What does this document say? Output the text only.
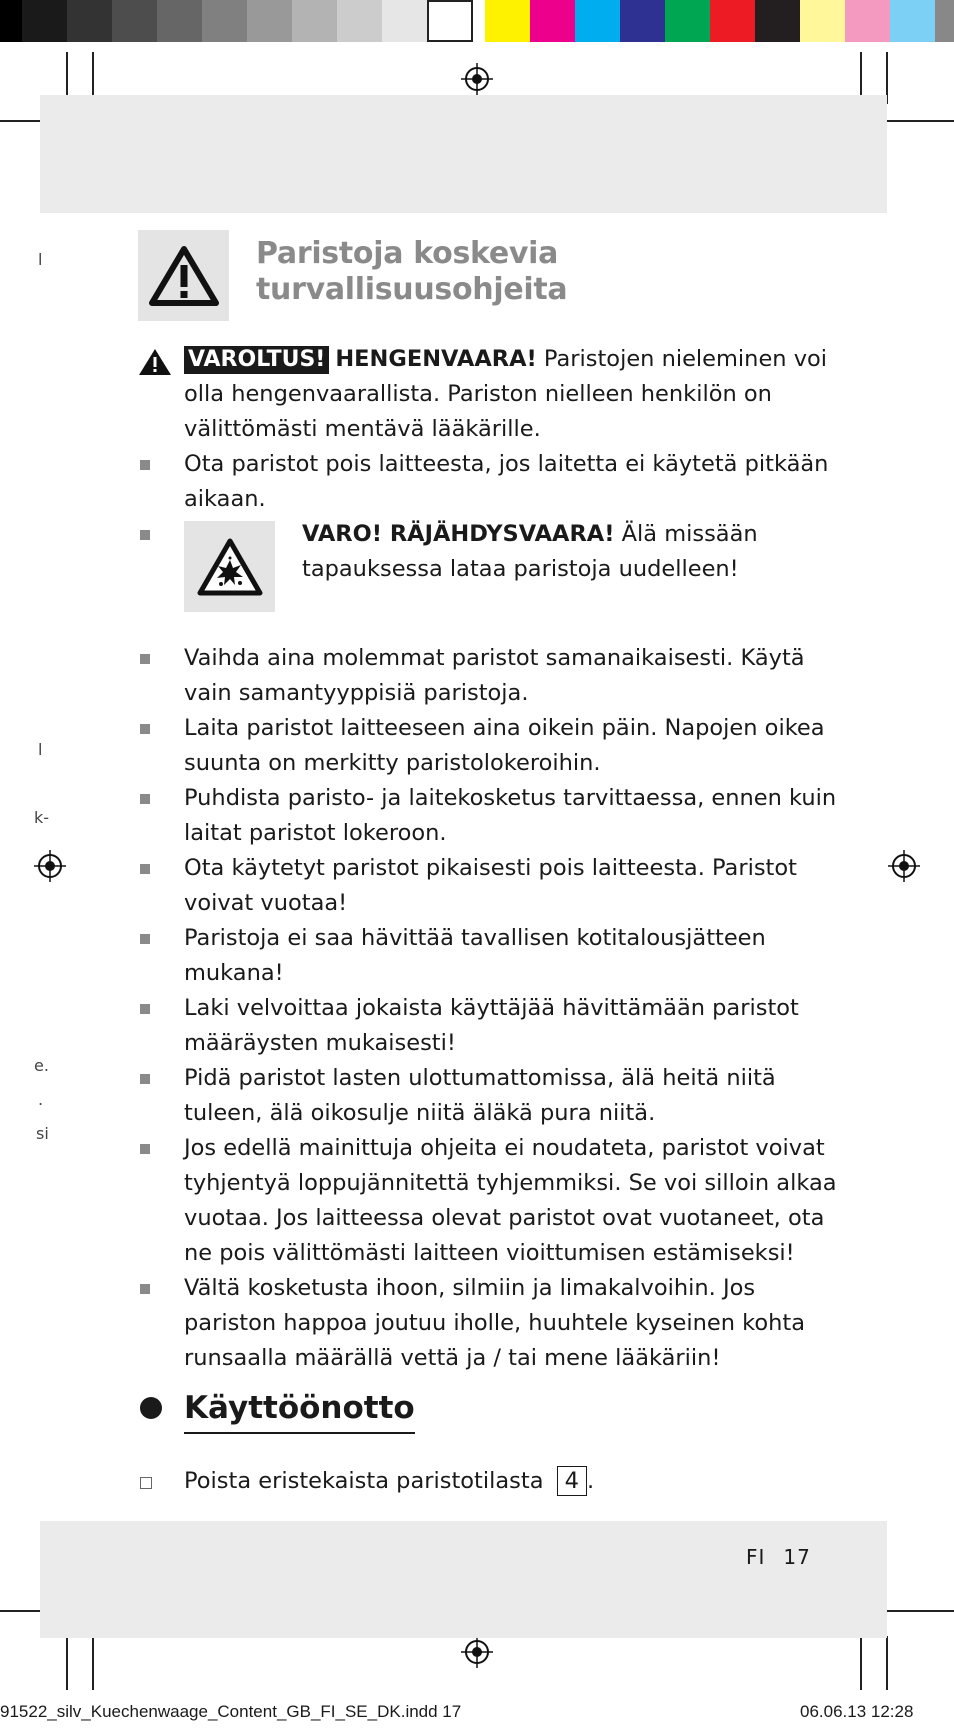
l
l
k-
e.
.
si
Paristoja koskevia
turvallisuusohjeita
VAROLTUS! HENGENVAARA! Paristojen nieleminen voi olla hengenvaarallista. Pariston nielleen henkilön on välittömästi mentävä lääkärille.
Ota paristot pois laitteesta, jos laitetta ei käytetä pitkään aikaan.
VARO! RÄJÄHDYSVAARA! Älä missään tapauksessa lataa paristoja uudelleen!
Vaihda aina molemmat paristot samanaikaisesti. Käytä vain samantyyppisiä paristoja.
Laita paristot laitteeseen aina oikein päin. Napojen oikea suunta on merkitty paristolokeroihin.
Puhdista paristo- ja laitekosketus tarvittaessa, ennen kuin laitat paristot lokeroon.
Ota käytetyt paristot pikaisesti pois laitteesta. Paristot voivat vuotaa!
Paristoja ei saa hävittää tavallisen kotitalousjätteen mukana!
Laki velvoittaa jokaista käyttäjää hävittämään paristot määräysten mukaisesti!
Pidä paristot lasten ulottumattomissa, älä heitä niitä tuleen, älä oikosulje niitä äläkä pura niitä.
Jos edellä mainittuja ohjeita ei noudateta, paristot voivat tyhjentyä loppujännitettä tyhjemmiksi. Se voi silloin alkaa vuotaa. Jos laitteessa olevat paristot ovat vuotaneet, ota ne pois välittömästi laitteen vioittumisen estämiseksi!
Vältä kosketusta ihoon, silmiin ja limakalvoihin. Jos pariston happoa joutuu iholle, huuhtele kyseinen kohta runsaalla määrällä vettä ja / tai mene lääkäriin!
Käyttöönotto
Poista eristekaista paristotilasta 4 .
FI 17
91522_silv_Kuechenwaage_Content_GB_FI_SE_DK.indd 17	06.06.13 12:28
